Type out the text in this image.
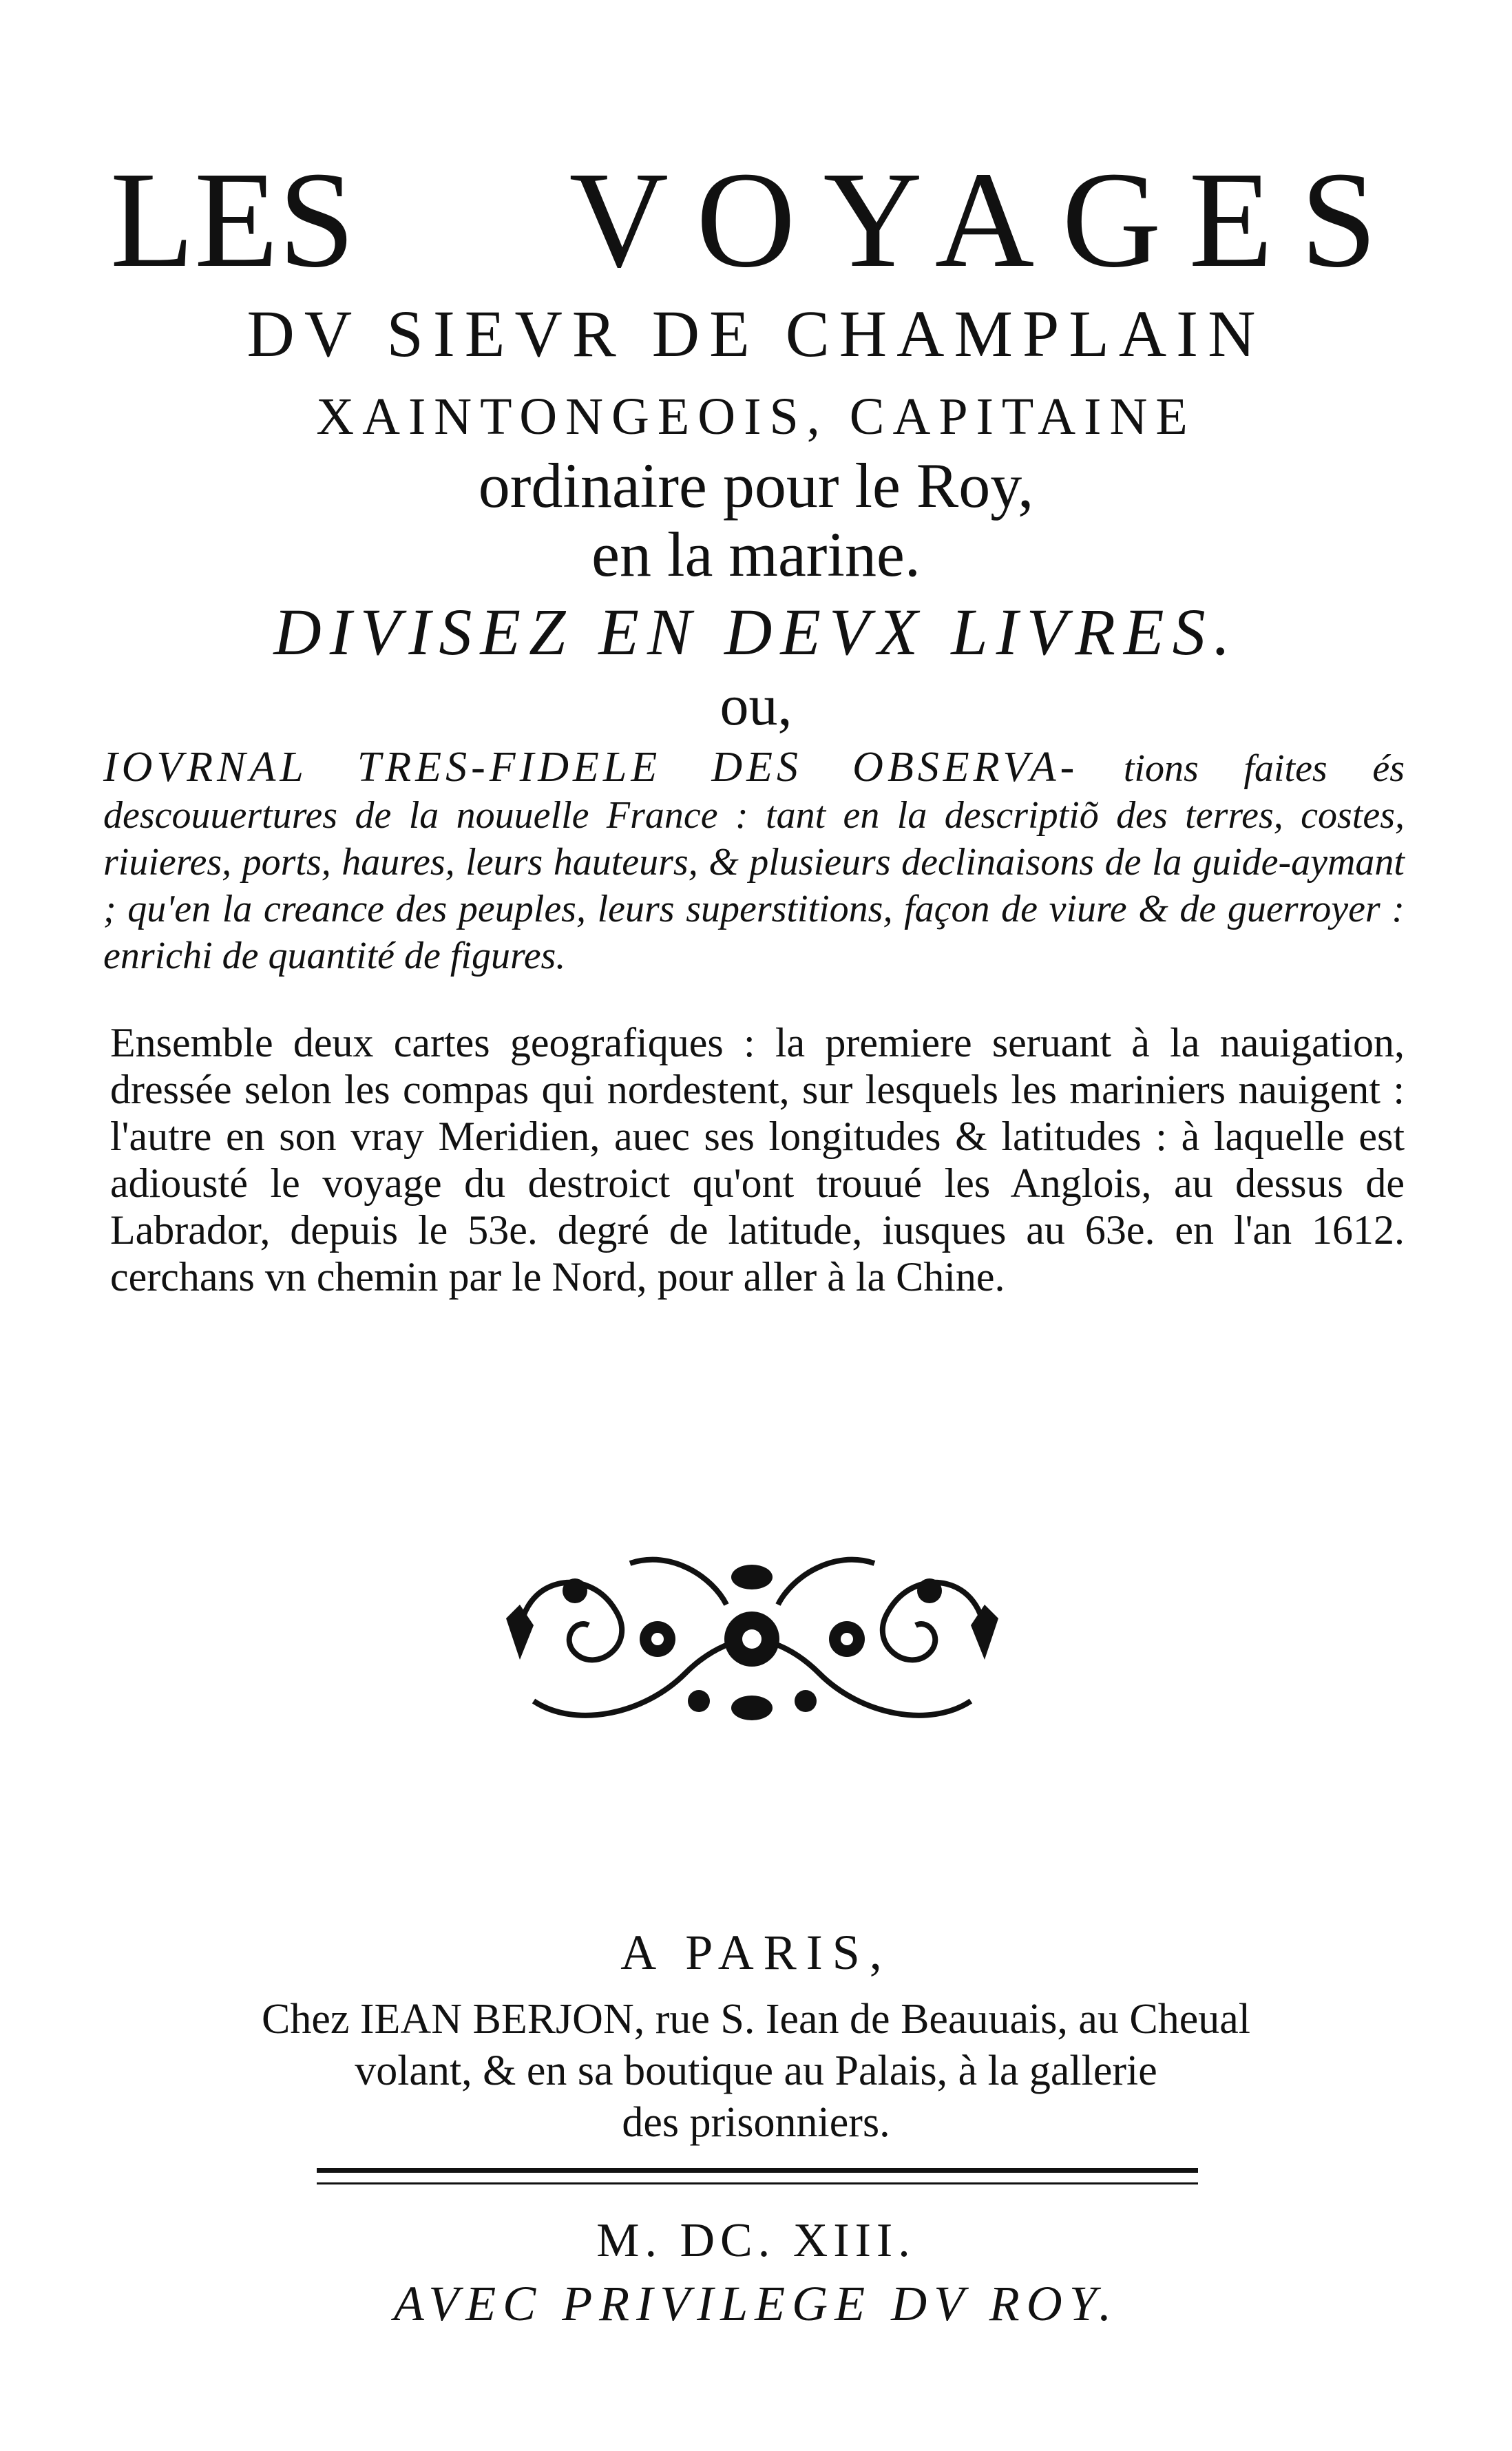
LES VOYAGES
DV SIEVR DE CHAMPLAIN
XAINTONGEOIS, CAPITAINE
ordinaire pour le Roy,
en la marine.
DIVISEZ EN DEVX LIVRES.
ou,
IOVRNAL TRES-FIDELE DES OBSERVA- tions faites és descouuertures de la nouuelle France : tant en la descriptiõ des terres, costes, riuieres, ports, haures, leurs hauteurs, & plusieurs declinaisons de la guide-aymant ; qu'en la creance des peuples, leurs superstitions, façon de viure & de guerroyer : enrichi de quantité de figures.
Ensemble deux cartes geografiques : la premiere seruant à la nauigation, dressée selon les compas qui nordestent, sur lesquels les mariniers nauigent : l'autre en son vray Meridien, auec ses longitudes & latitudes : à laquelle est adiousté le voyage du destroict qu'ont trouué les Anglois, au dessus de Labrador, depuis le 53e. degré de latitude, iusques au 63e. en l'an 1612. cerchans vn chemin par le Nord, pour aller à la Chine.
A PARIS,
Chez IEAN BERJON, rue S. Iean de Beauuais, au Cheual
volant, & en sa boutique au Palais, à la gallerie
des prisonniers.
M. DC. XIII.
AVEC PRIVILEGE DV ROY.
